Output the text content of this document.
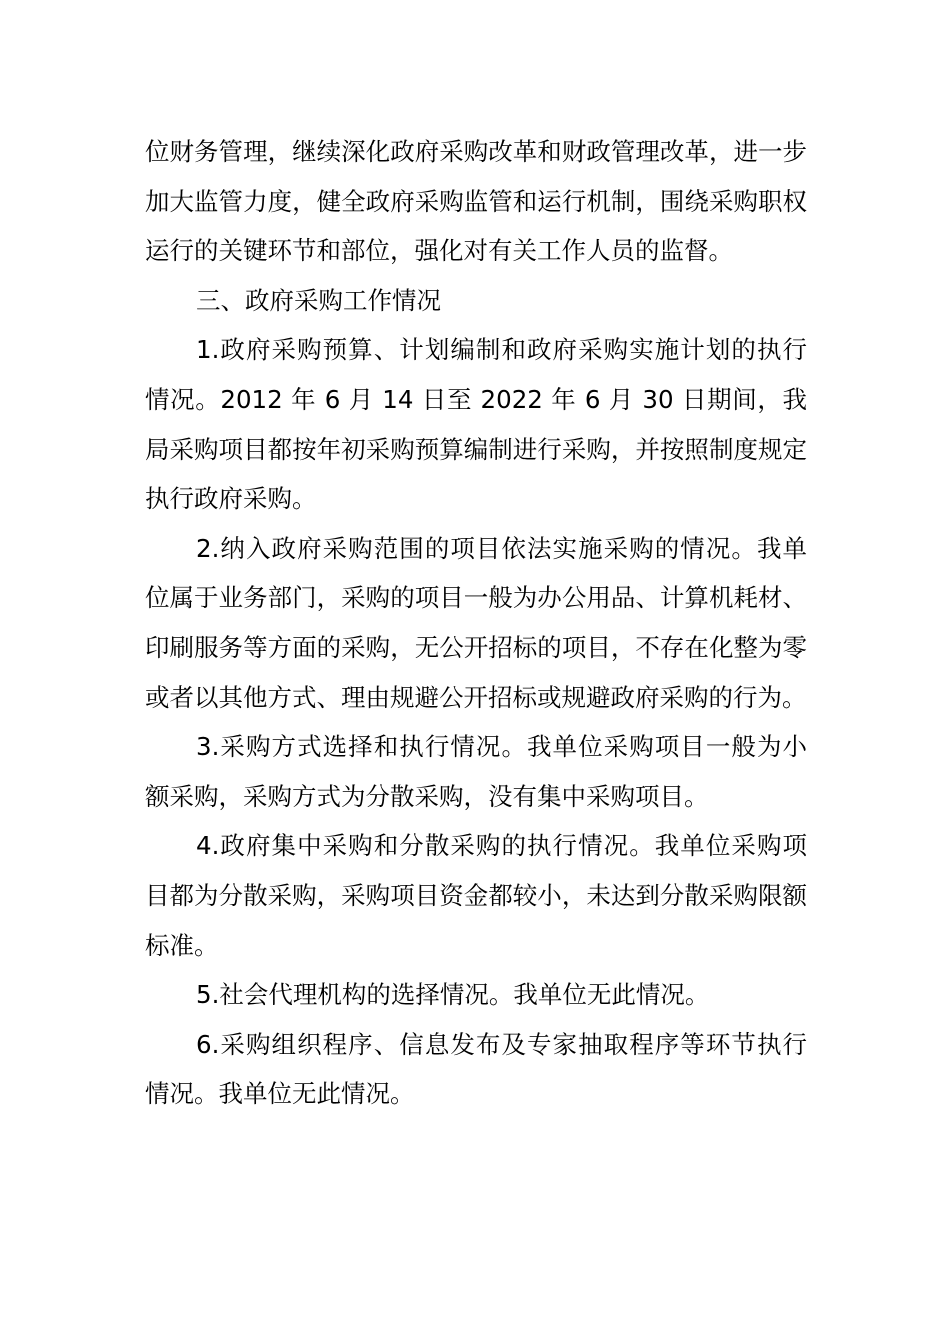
位财务管理，继续深化政府采购改革和财政管理改革，进一步加大监管力度，健全政府采购监管和运行机制，围绕采购职权运行的关键环节和部位，强化对有关工作人员的监督。

三、政府采购工作情况

1.政府采购预算、计划编制和政府采购实施计划的执行情况。2012 年 6 月 14 日至 2022 年 6 月 30 日期间，我局采购项目都按年初采购预算编制进行采购，并按照制度规定执行政府采购。

2.纳入政府采购范围的项目依法实施采购的情况。我单位属于业务部门，采购的项目一般为办公用品、计算机耗材、印刷服务等方面的采购，无公开招标的项目，不存在化整为零或者以其他方式、理由规避公开招标或规避政府采购的行为。

3.采购方式选择和执行情况。我单位采购项目一般为小额采购，采购方式为分散采购，没有集中采购项目。

4.政府集中采购和分散采购的执行情况。我单位采购项目都为分散采购，采购项目资金都较小，未达到分散采购限额标准。

5.社会代理机构的选择情况。我单位无此情况。

6.采购组织程序、信息发布及专家抽取程序等环节执行情况。我单位无此情况。
